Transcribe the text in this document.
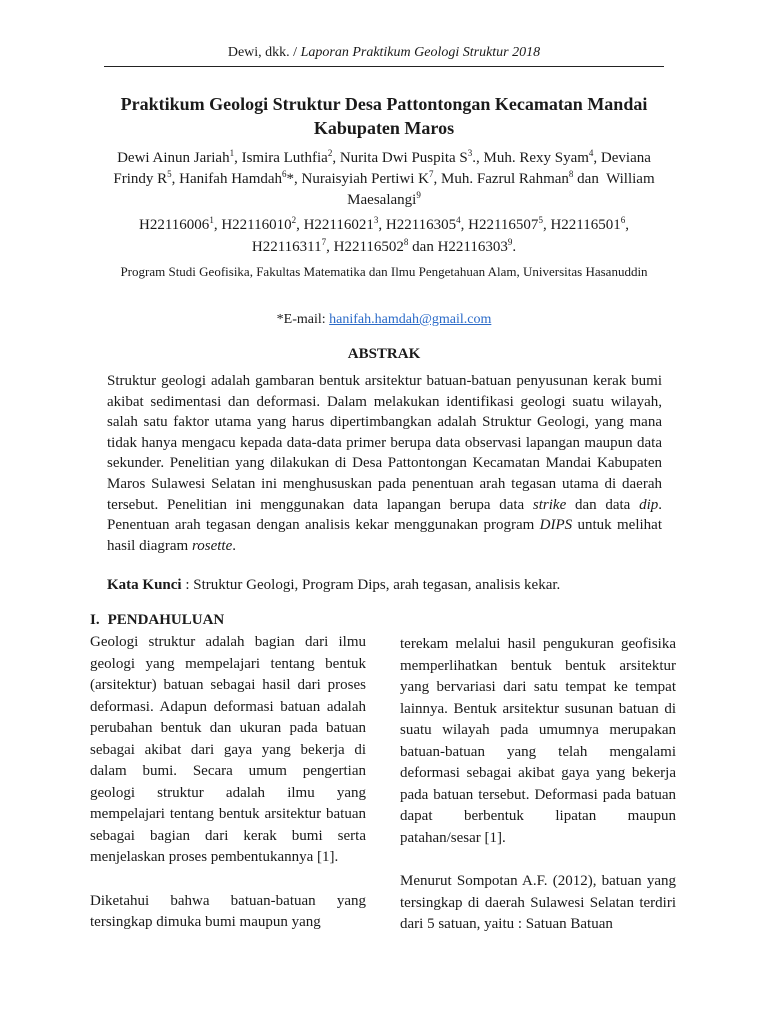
Dewi, dkk. / Laporan Praktikum Geologi Struktur 2018
Praktikum Geologi Struktur Desa Pattontongan Kecamatan Mandai Kabupaten Maros
Dewi Ainun Jariah$^1$, Ismira Luthfia$^2$, Nurita Dwi Puspita $S^3$., Muh. Rexy Syam$^4$, Deviana Frindy $R^5$, Hanifah Hamdah$^6$*, Nuraisyiah Pertiwi $K^7$, Muh. Fazrul Rahman$^8$ dan  William Maesalangi$^9$
H22116006$^1$, H22116010$^2$, H22116021$^3$, H22116305$^4$, H22116507$^5$, H22116501$^6$, H22116311$^7$, H22116502$^8$ dan H22116303$^9$.
Program Studi Geofisika, Fakultas Matematika dan Ilmu Pengetahuan Alam, Universitas Hasanuddin
*E-mail: hanifah.hamdah@gmail.com
ABSTRAK
Struktur geologi adalah gambaran bentuk arsitektur batuan-batuan penyusunan kerak bumi akibat sedimentasi dan deformasi. Dalam melakukan identifikasi geologi suatu wilayah, salah satu faktor utama yang harus dipertimbangkan adalah Struktur Geologi, yang mana tidak hanya mengacu kepada data-data primer berupa data observasi lapangan maupun data sekunder. Penelitian yang dilakukan di Desa Pattontongan Kecamatan Mandai Kabupaten Maros Sulawesi Selatan ini menghususkan pada penentuan arah tegasan utama di daerah tersebut. Penelitian ini menggunakan data lapangan berupa data strike dan data dip. Penentuan arah tegasan dengan analisis kekar menggunakan program DIPS untuk melihat hasil diagram rosette.
Kata Kunci : Struktur Geologi, Program Dips, arah tegasan, analisis kekar.
I. PENDAHULUAN

Geologi struktur adalah bagian dari ilmu geologi yang mempelajari tentang bentuk (arsitektur) batuan sebagai hasil dari proses deformasi. Adapun deformasi batuan adalah perubahan bentuk dan ukuran pada batuan sebagai akibat dari gaya yang bekerja di dalam bumi. Secara umum pengertian geologi struktur adalah ilmu yang mempelajari tentang bentuk arsitektur batuan sebagai bagian dari kerak bumi serta menjelaskan proses pembentukannya [1].

Diketahui bahwa batuan-batuan yang tersingkap dimuka bumi maupun yang

terekam melalui hasil pengukuran geofisika memperlihatkan bentuk bentuk arsitektur yang bervariasi dari satu tempat ke tempat lainnya. Bentuk arsitektur susunan batuan di suatu wilayah pada umumnya merupakan batuan-batuan yang telah mengalami deformasi sebagai akibat gaya yang bekerja pada batuan tersebut. Deformasi pada batuan dapat berbentuk lipatan maupun patahan/sesar [1].

Menurut Sompotan A.F. (2012), batuan yang tersingkap di daerah Sulawesi Selatan terdiri dari 5 satuan, yaitu : Satuan Batuan
